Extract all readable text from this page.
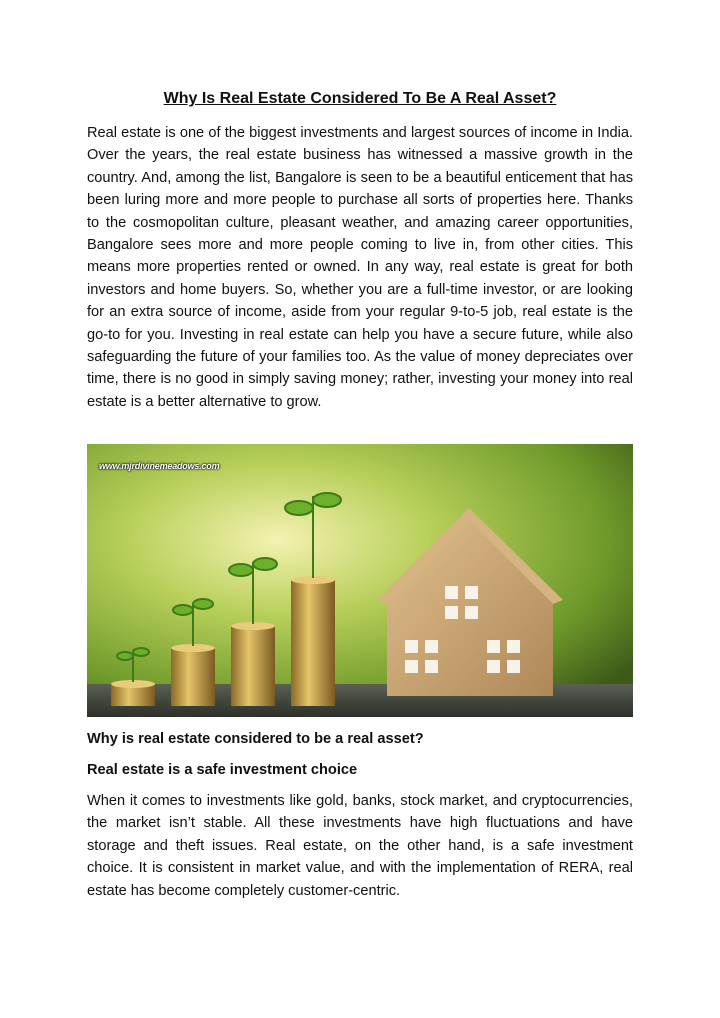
Why Is Real Estate Considered To Be A Real Asset?

Real estate is one of the biggest investments and largest sources of income in India. Over the years, the real estate business has witnessed a massive growth in the country. And, among the list, Bangalore is seen to be a beautiful enticement that has been luring more and more people to purchase all sorts of properties here. Thanks to the cosmopolitan culture, pleasant weather, and amazing career opportunities, Bangalore sees more and more people coming to live in, from other cities. This means more properties rented or owned. In any way, real estate is great for both investors and home buyers. So, whether you are a full-time investor, or are looking for an extra source of income, aside from your regular 9-to-5 job, real estate is the go-to for you. Investing in real estate can help you have a secure future, while also safeguarding the future of your families too. As the value of money depreciates over time, there is no good in simply saving money; rather, investing your money into real estate is a better alternative to grow.

www.mjrdivinemeadows.com
Why is real estate considered to be a real asset?
Real estate is a safe investment choice

When it comes to investments like gold, banks, stock market, and cryptocurrencies, the market isn’t stable. All these investments have high fluctuations and have storage and theft issues. Real estate, on the other hand, is a safe investment choice. It is consistent in market value, and with the implementation of RERA, real estate has become completely customer-centric.
